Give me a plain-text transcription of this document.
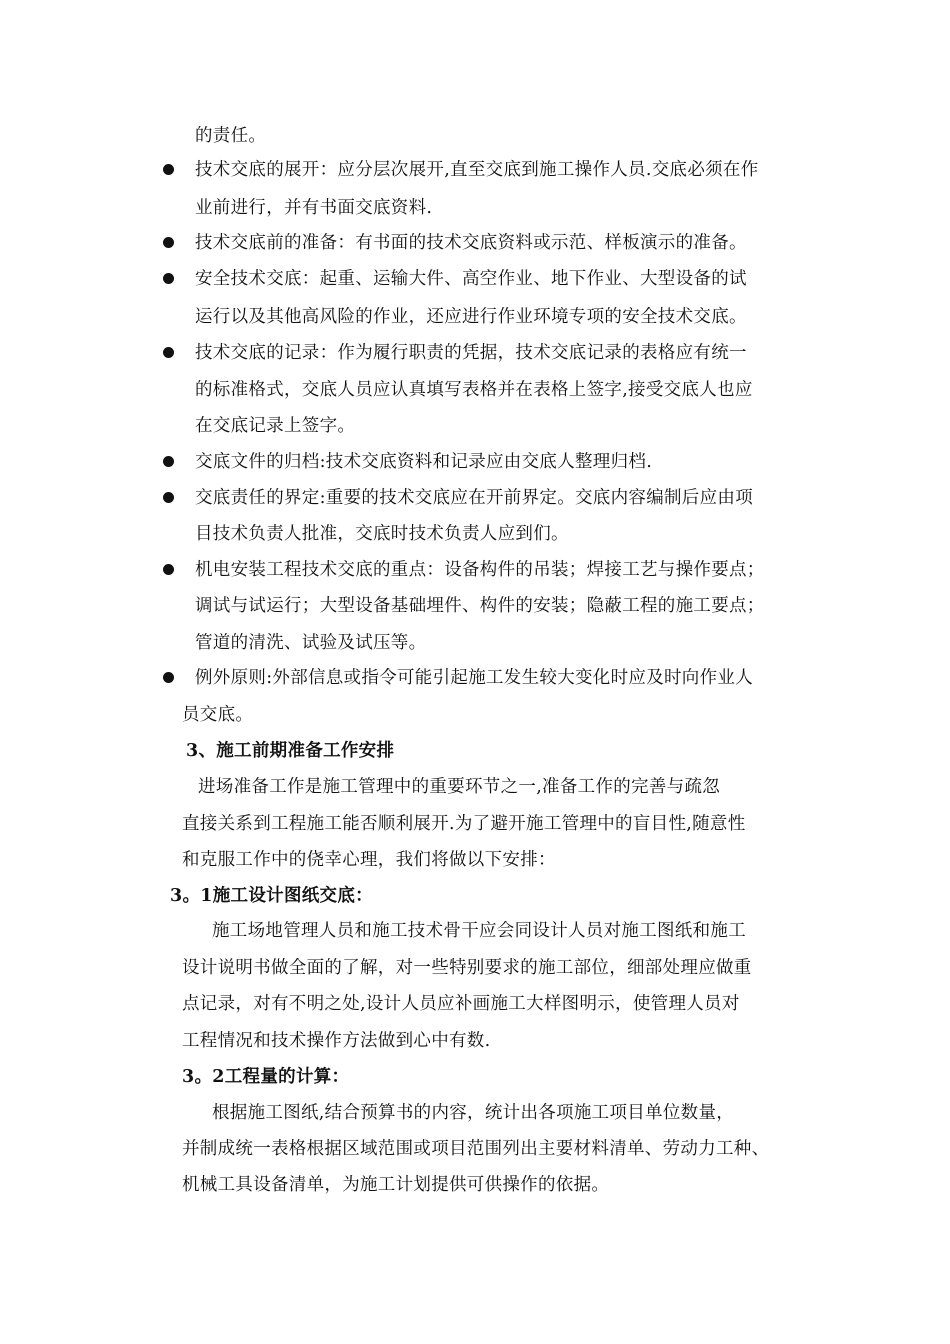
的责任。
技术交底的展开：应分层次展开,直至交底到施工操作人员.交底必须在作
业前进行，并有书面交底资料.
技术交底前的准备：有书面的技术交底资料或示范、样板演示的准备。
安全技术交底：起重、运输大件、高空作业、地下作业、大型设备的试
运行以及其他高风险的作业，还应进行作业环境专项的安全技术交底。
技术交底的记录：作为履行职责的凭据，技术交底记录的表格应有统一
的标准格式，交底人员应认真填写表格并在表格上签字,接受交底人也应
在交底记录上签字。
交底文件的归档:技术交底资料和记录应由交底人整理归档.
交底责任的界定:重要的技术交底应在开前界定。交底内容编制后应由项
目技术负责人批准，交底时技术负责人应到们。
机电安装工程技术交底的重点：设备构件的吊装；焊接工艺与操作要点；
调试与试运行；大型设备基础埋件、构件的安装；隐蔽工程的施工要点；
管道的清洗、试验及试压等。
例外原则:外部信息或指令可能引起施工发生较大变化时应及时向作业人
员交底。
3、施工前期准备工作安排
进场准备工作是施工管理中的重要环节之一,准备工作的完善与疏忽
直接关系到工程施工能否顺利展开.为了避开施工管理中的盲目性,随意性
和克服工作中的侥幸心理，我们将做以下安排：
3。1施工设计图纸交底：
施工场地管理人员和施工技术骨干应会同设计人员对施工图纸和施工
设计说明书做全面的了解，对一些特别要求的施工部位，细部处理应做重
点记录，对有不明之处,设计人员应补画施工大样图明示，使管理人员对
工程情况和技术操作方法做到心中有数.
3。2工程量的计算：
根据施工图纸,结合预算书的内容，统计出各项施工项目单位数量，
并制成统一表格根据区域范围或项目范围列出主要材料清单、劳动力工种、
机械工具设备清单，为施工计划提供可供操作的依据。
